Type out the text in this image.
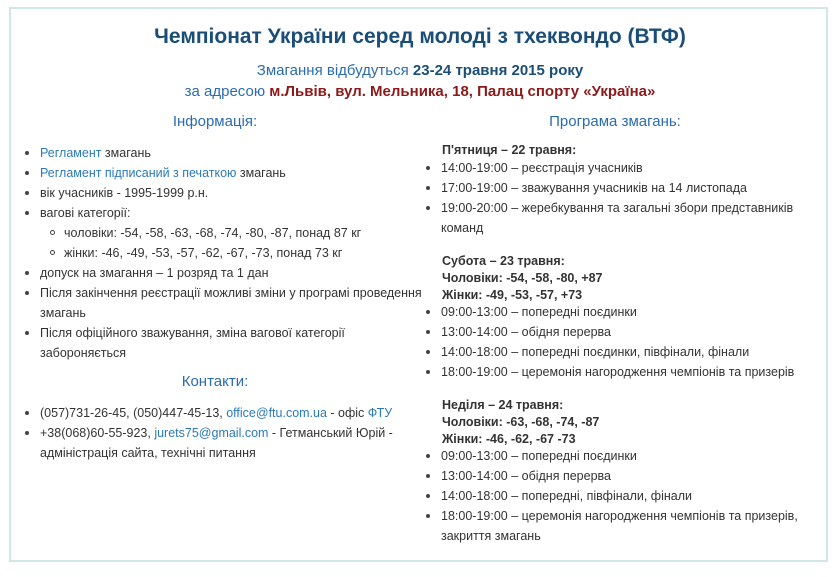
Чемпіонат України серед молоді з тхеквондо (ВТФ)

Змагання відбудуться 23-24 травня 2015 року

за адресою м.Львів, вул. Мельника, 18, Палац спорту «Україна»

Інформація:
Регламент змагань
Регламент підписаний з печаткою змагань
вік учасників - 1995-1999 р.н.
вагові категорії:
чоловіки: -54, -58, -63, -68, -74, -80, -87, понад 87 кг
жінки: -46, -49, -53, -57, -62, -67, -73, понад 73 кг
допуск на змагання – 1 розряд та 1 дан
Після закінчення реєстрації можливі зміни у програмі проведення змагань
Після офіційного зважування, зміна вагової категорії забороняється
Контакти:
(057)731-26-45, (050)447-45-13, office@ftu.com.ua - офіс ФТУ
+38(068)60-55-923, jurets75@gmail.com - Гетманський Юрій - адміністрація сайта, технічні питання
Програма змагань:
П'ятниця – 22 травня:
14:00-19:00 – реєстрація учасників
17:00-19:00 – зважування учасників на 14 листопада
19:00-20:00 – жеребкування та загальні збори представників команд
Субота – 23 травня:
Чоловіки: -54, -58, -80, +87
Жінки: -49, -53, -57, +73
09:00-13:00 – попередні поєдинки
13:00-14:00 – обідня перерва
14:00-18:00 – попередні поєдинки, півфінали, фінали
18:00-19:00 – церемонія нагородження чемпіонів та призерів
Неділя – 24 травня:
Чоловіки: -63, -68, -74, -87
Жінки: -46, -62, -67 -73
09:00-13:00 – попередні поєдинки
13:00-14:00 – обідня перерва
14:00-18:00 – попередні, півфінали, фінали
18:00-19:00 – церемонія нагородження чемпіонів та призерів, закриття змагань
